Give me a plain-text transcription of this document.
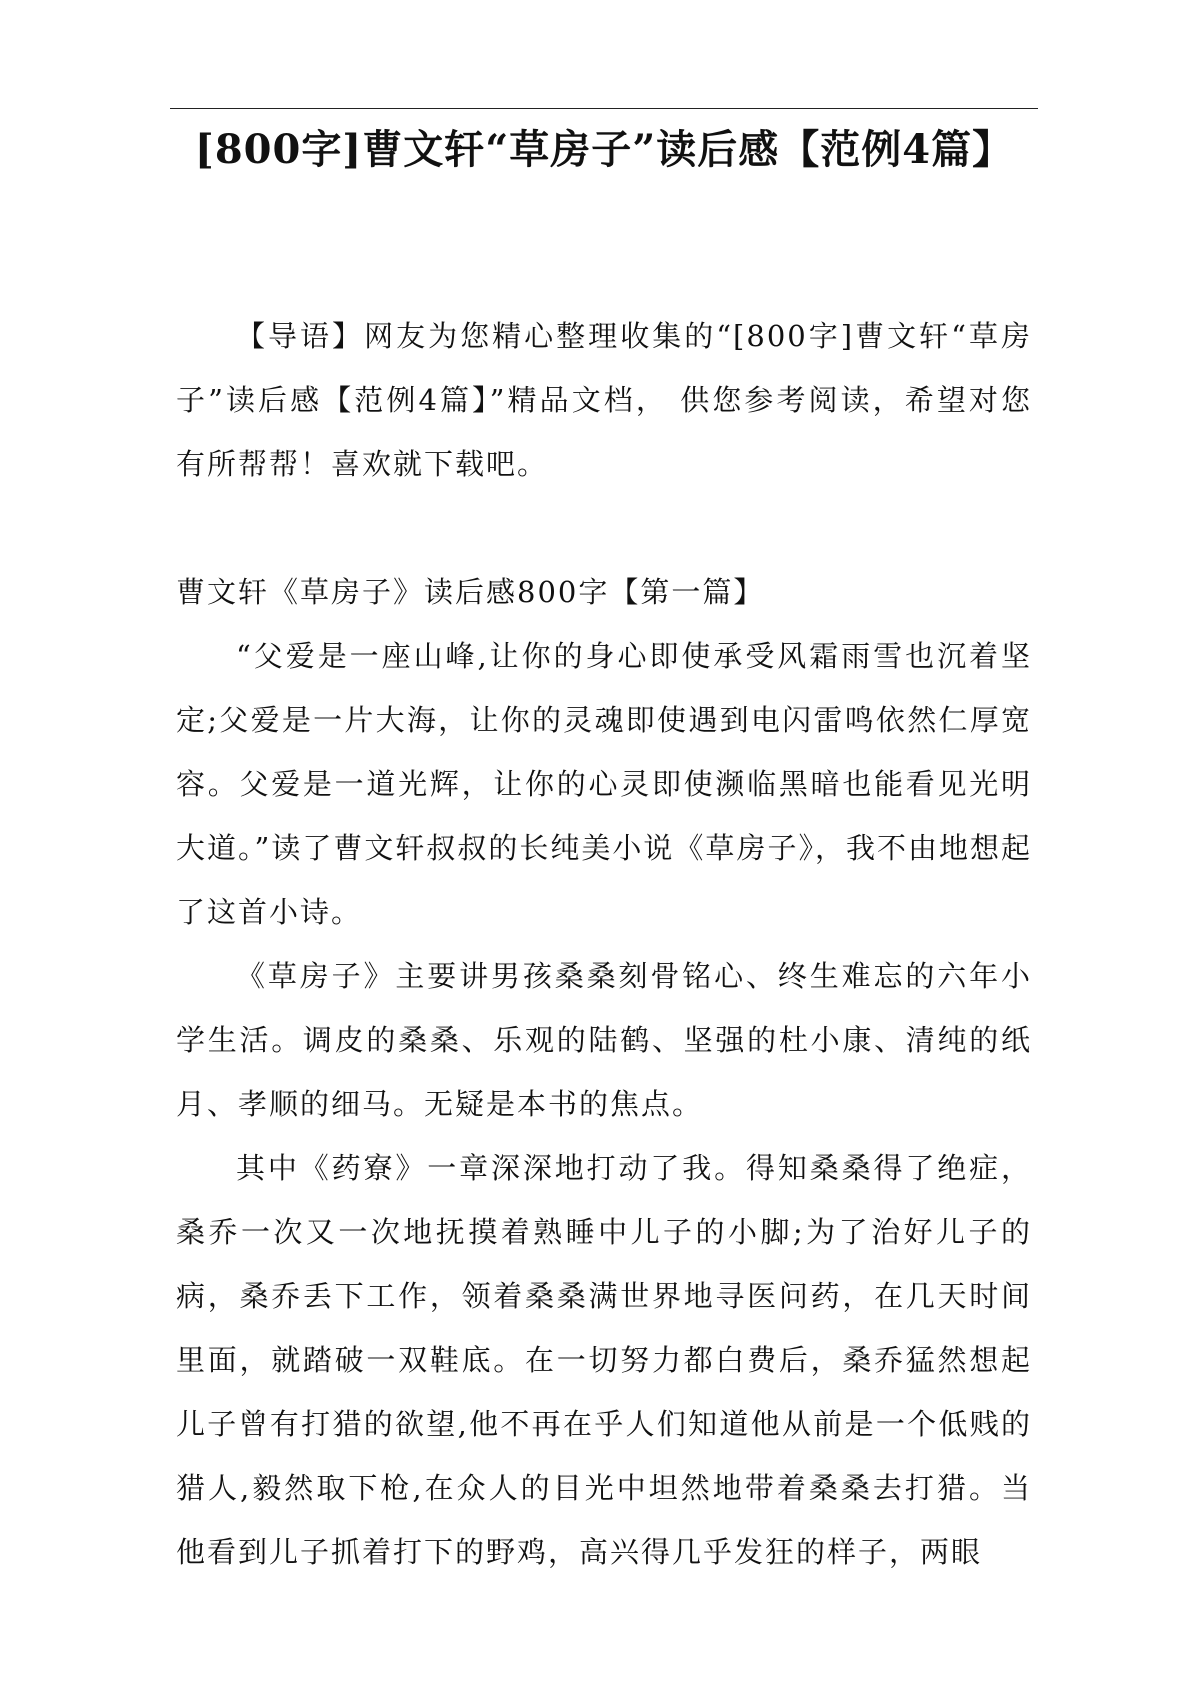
[800字]曹文轩“草房子”读后感【范例4篇】

【导语】网友为您精心整理收集的“[800字]曹文轩“草房子”读后感【范例4篇】”精品文档， 供您参考阅读，希望对您有所帮帮！喜欢就下载吧。

曹文轩《草房子》读后感800字【第一篇】

“父爱是一座山峰,让你的身心即使承受风霜雨雪也沉着坚定;父爱是一片大海，让你的灵魂即使遇到电闪雷鸣依然仁厚宽容。父爱是一道光辉，让你的心灵即使濒临黑暗也能看见光明大道。”读了曹文轩叔叔的长纯美小说《草房子》，我不由地想起了这首小诗。

《草房子》主要讲男孩桑桑刻骨铭心、终生难忘的六年小学生活。调皮的桑桑、乐观的陆鹤、坚强的杜小康、清纯的纸月、孝顺的细马。无疑是本书的焦点。

其中《药寮》一章深深地打动了我。得知桑桑得了绝症，桑乔一次又一次地抚摸着熟睡中儿子的小脚;为了治好儿子的病，桑乔丢下工作，领着桑桑满世界地寻医问药，在几天时间里面，就踏破一双鞋底。在一切努力都白费后，桑乔猛然想起儿子曾有打猎的欲望,他不再在乎人们知道他从前是一个低贱的猎人,毅然取下枪,在众人的目光中坦然地带着桑桑去打猎。当他看到儿子抓着打下的野鸡，高兴得几乎发狂的样子，两眼
